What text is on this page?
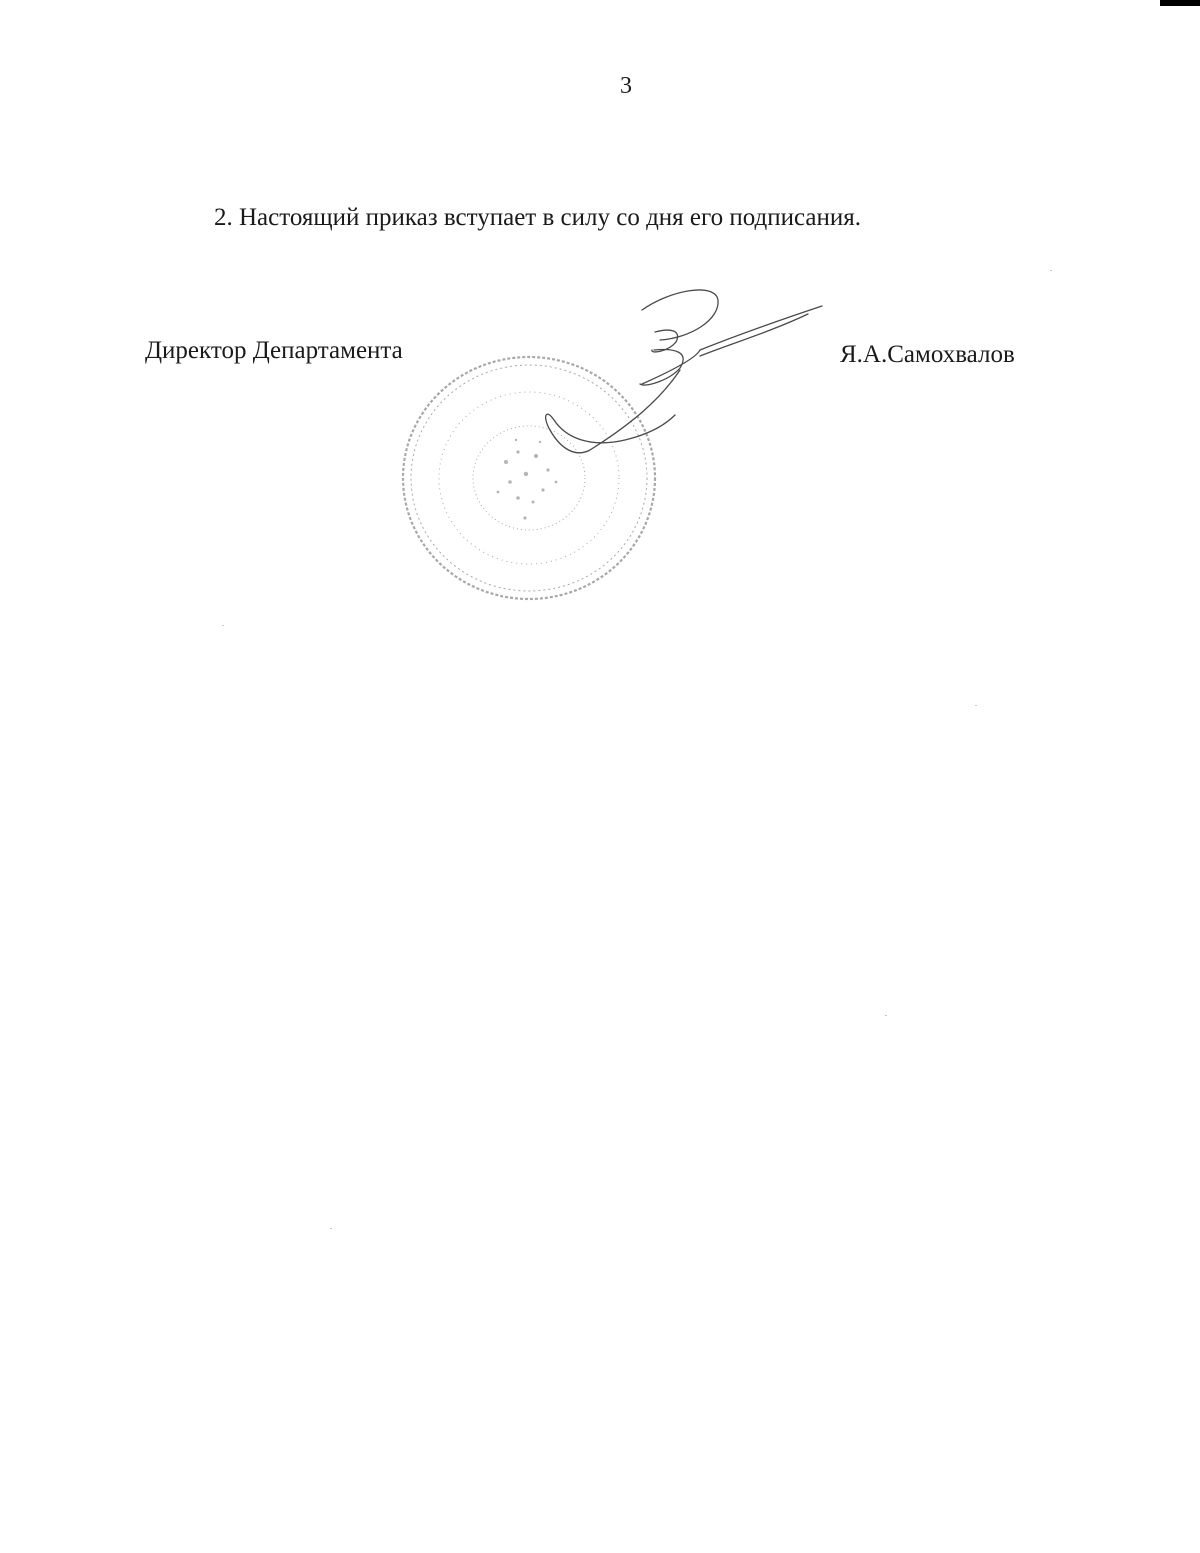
3
2. Настоящий приказ вступает в силу со дня его подписания.
Директор Департамента	Я.А.Самохвалов
